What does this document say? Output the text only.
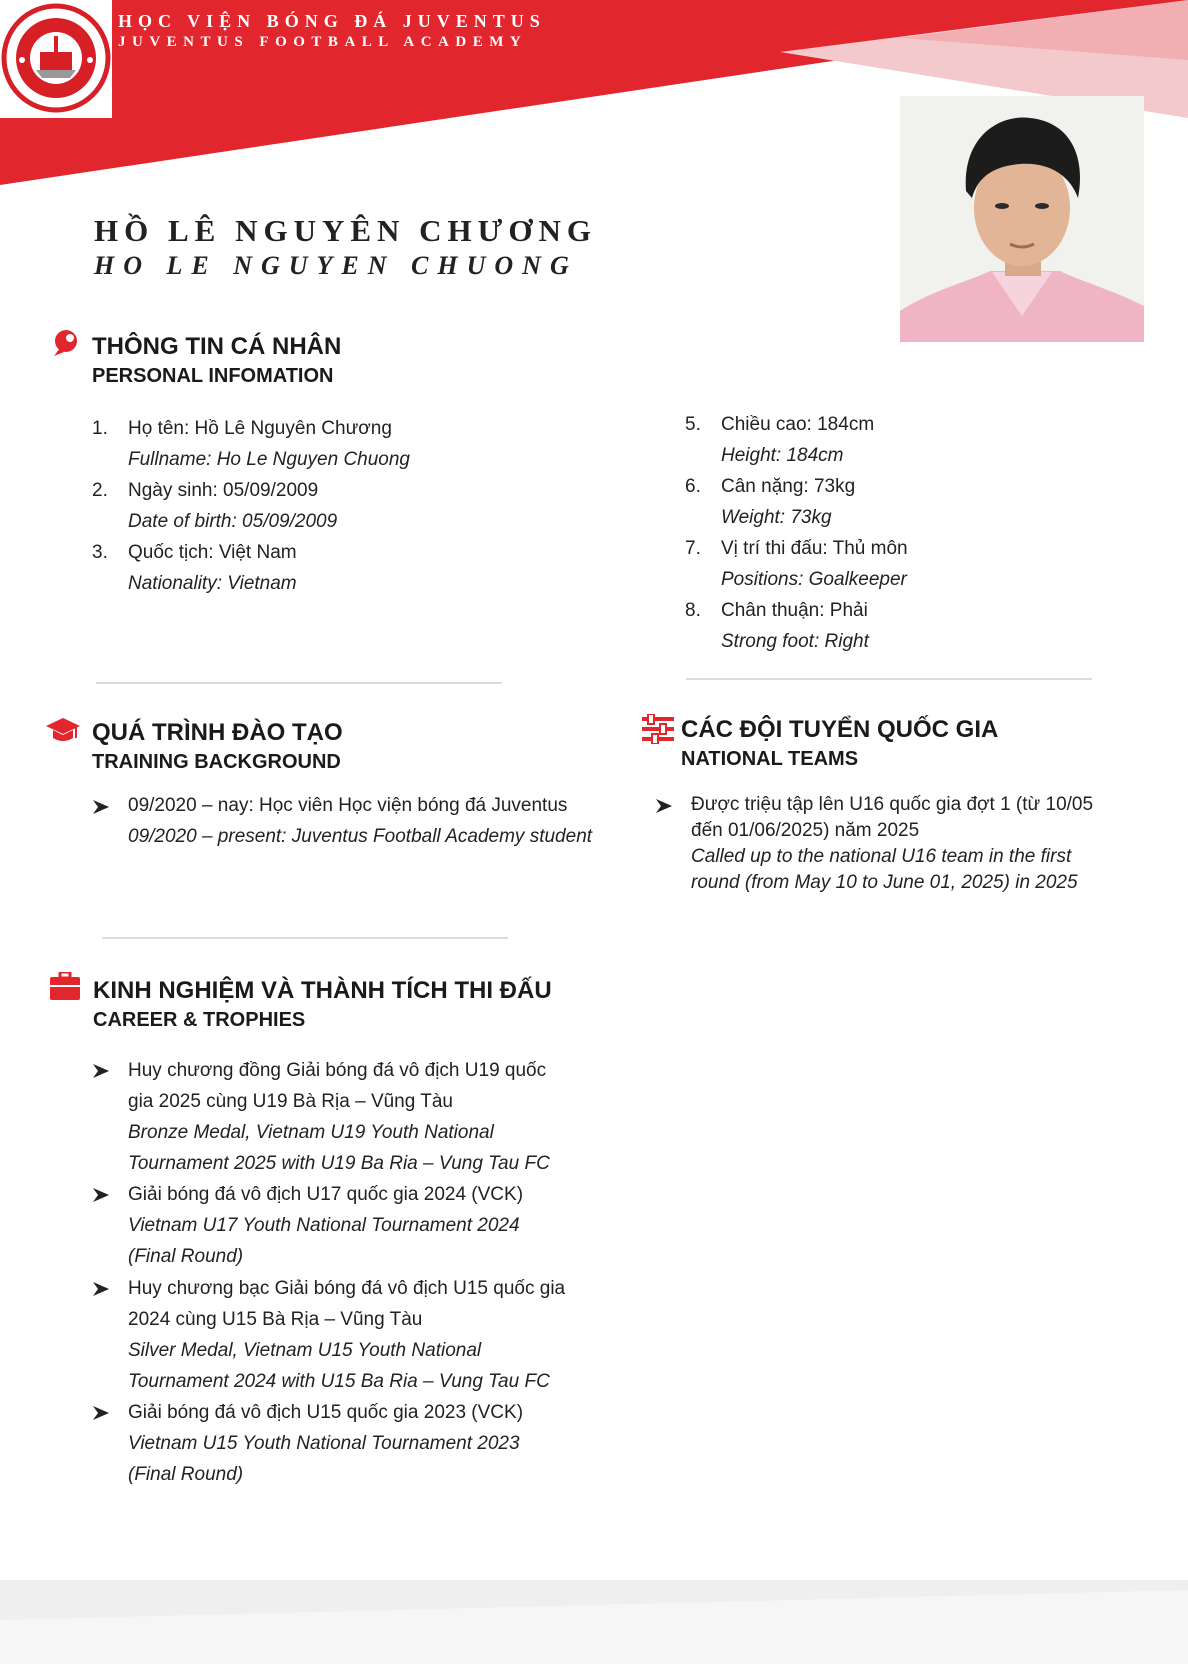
HỌC VIỆN BÓNG ĐÁ JUVENTUS
JUVENTUS FOOTBALL ACADEMY
HỒ LÊ NGUYÊN CHƯƠNG
HO LE NGUYEN CHUONG
THÔNG TIN CÁ NHÂN
PERSONAL INFOMATION
1. Họ tên: Hồ Lê Nguyên Chương
Fullname: Ho Le Nguyen Chuong
2. Ngày sinh: 05/09/2009
Date of birth: 05/09/2009
3. Quốc tịch: Việt Nam
Nationality: Vietnam
5. Chiều cao: 184cm
Height: 184cm
6. Cân nặng: 73kg
Weight: 73kg
7. Vị trí thi đấu: Thủ môn
Positions: Goalkeeper
8. Chân thuận: Phải
Strong foot: Right
QUÁ TRÌNH ĐÀO TẠO
TRAINING BACKGROUND
09/2020 – nay: Học viên Học viện bóng đá Juventus
09/2020 – present: Juventus Football Academy student
CÁC ĐỘI TUYỂN QUỐC GIA
NATIONAL TEAMS
Được triệu tập lên U16 quốc gia đợt 1 (từ 10/05
đến 01/06/2025) năm 2025
Called up to the national U16 team in the first
round (from May 10 to June 01, 2025) in 2025
KINH NGHIỆM VÀ THÀNH TÍCH THI ĐẤU
CAREER & TROPHIES
Huy chương đồng Giải bóng đá vô địch U19 quốc
gia 2025 cùng U19 Bà Rịa – Vũng Tàu
Bronze Medal, Vietnam U19 Youth National
Tournament 2025 with U19 Ba Ria – Vung Tau FC
Giải bóng đá vô địch U17 quốc gia 2024 (VCK)
Vietnam U17 Youth National Tournament 2024
(Final Round)
Huy chương bạc Giải bóng đá vô địch U15 quốc gia
2024 cùng U15 Bà Rịa – Vũng Tàu
Silver Medal, Vietnam U15 Youth National
Tournament 2024 with U15 Ba Ria – Vung Tau FC
Giải bóng đá vô địch U15 quốc gia 2023 (VCK)
Vietnam U15 Youth National Tournament 2023
(Final Round)
